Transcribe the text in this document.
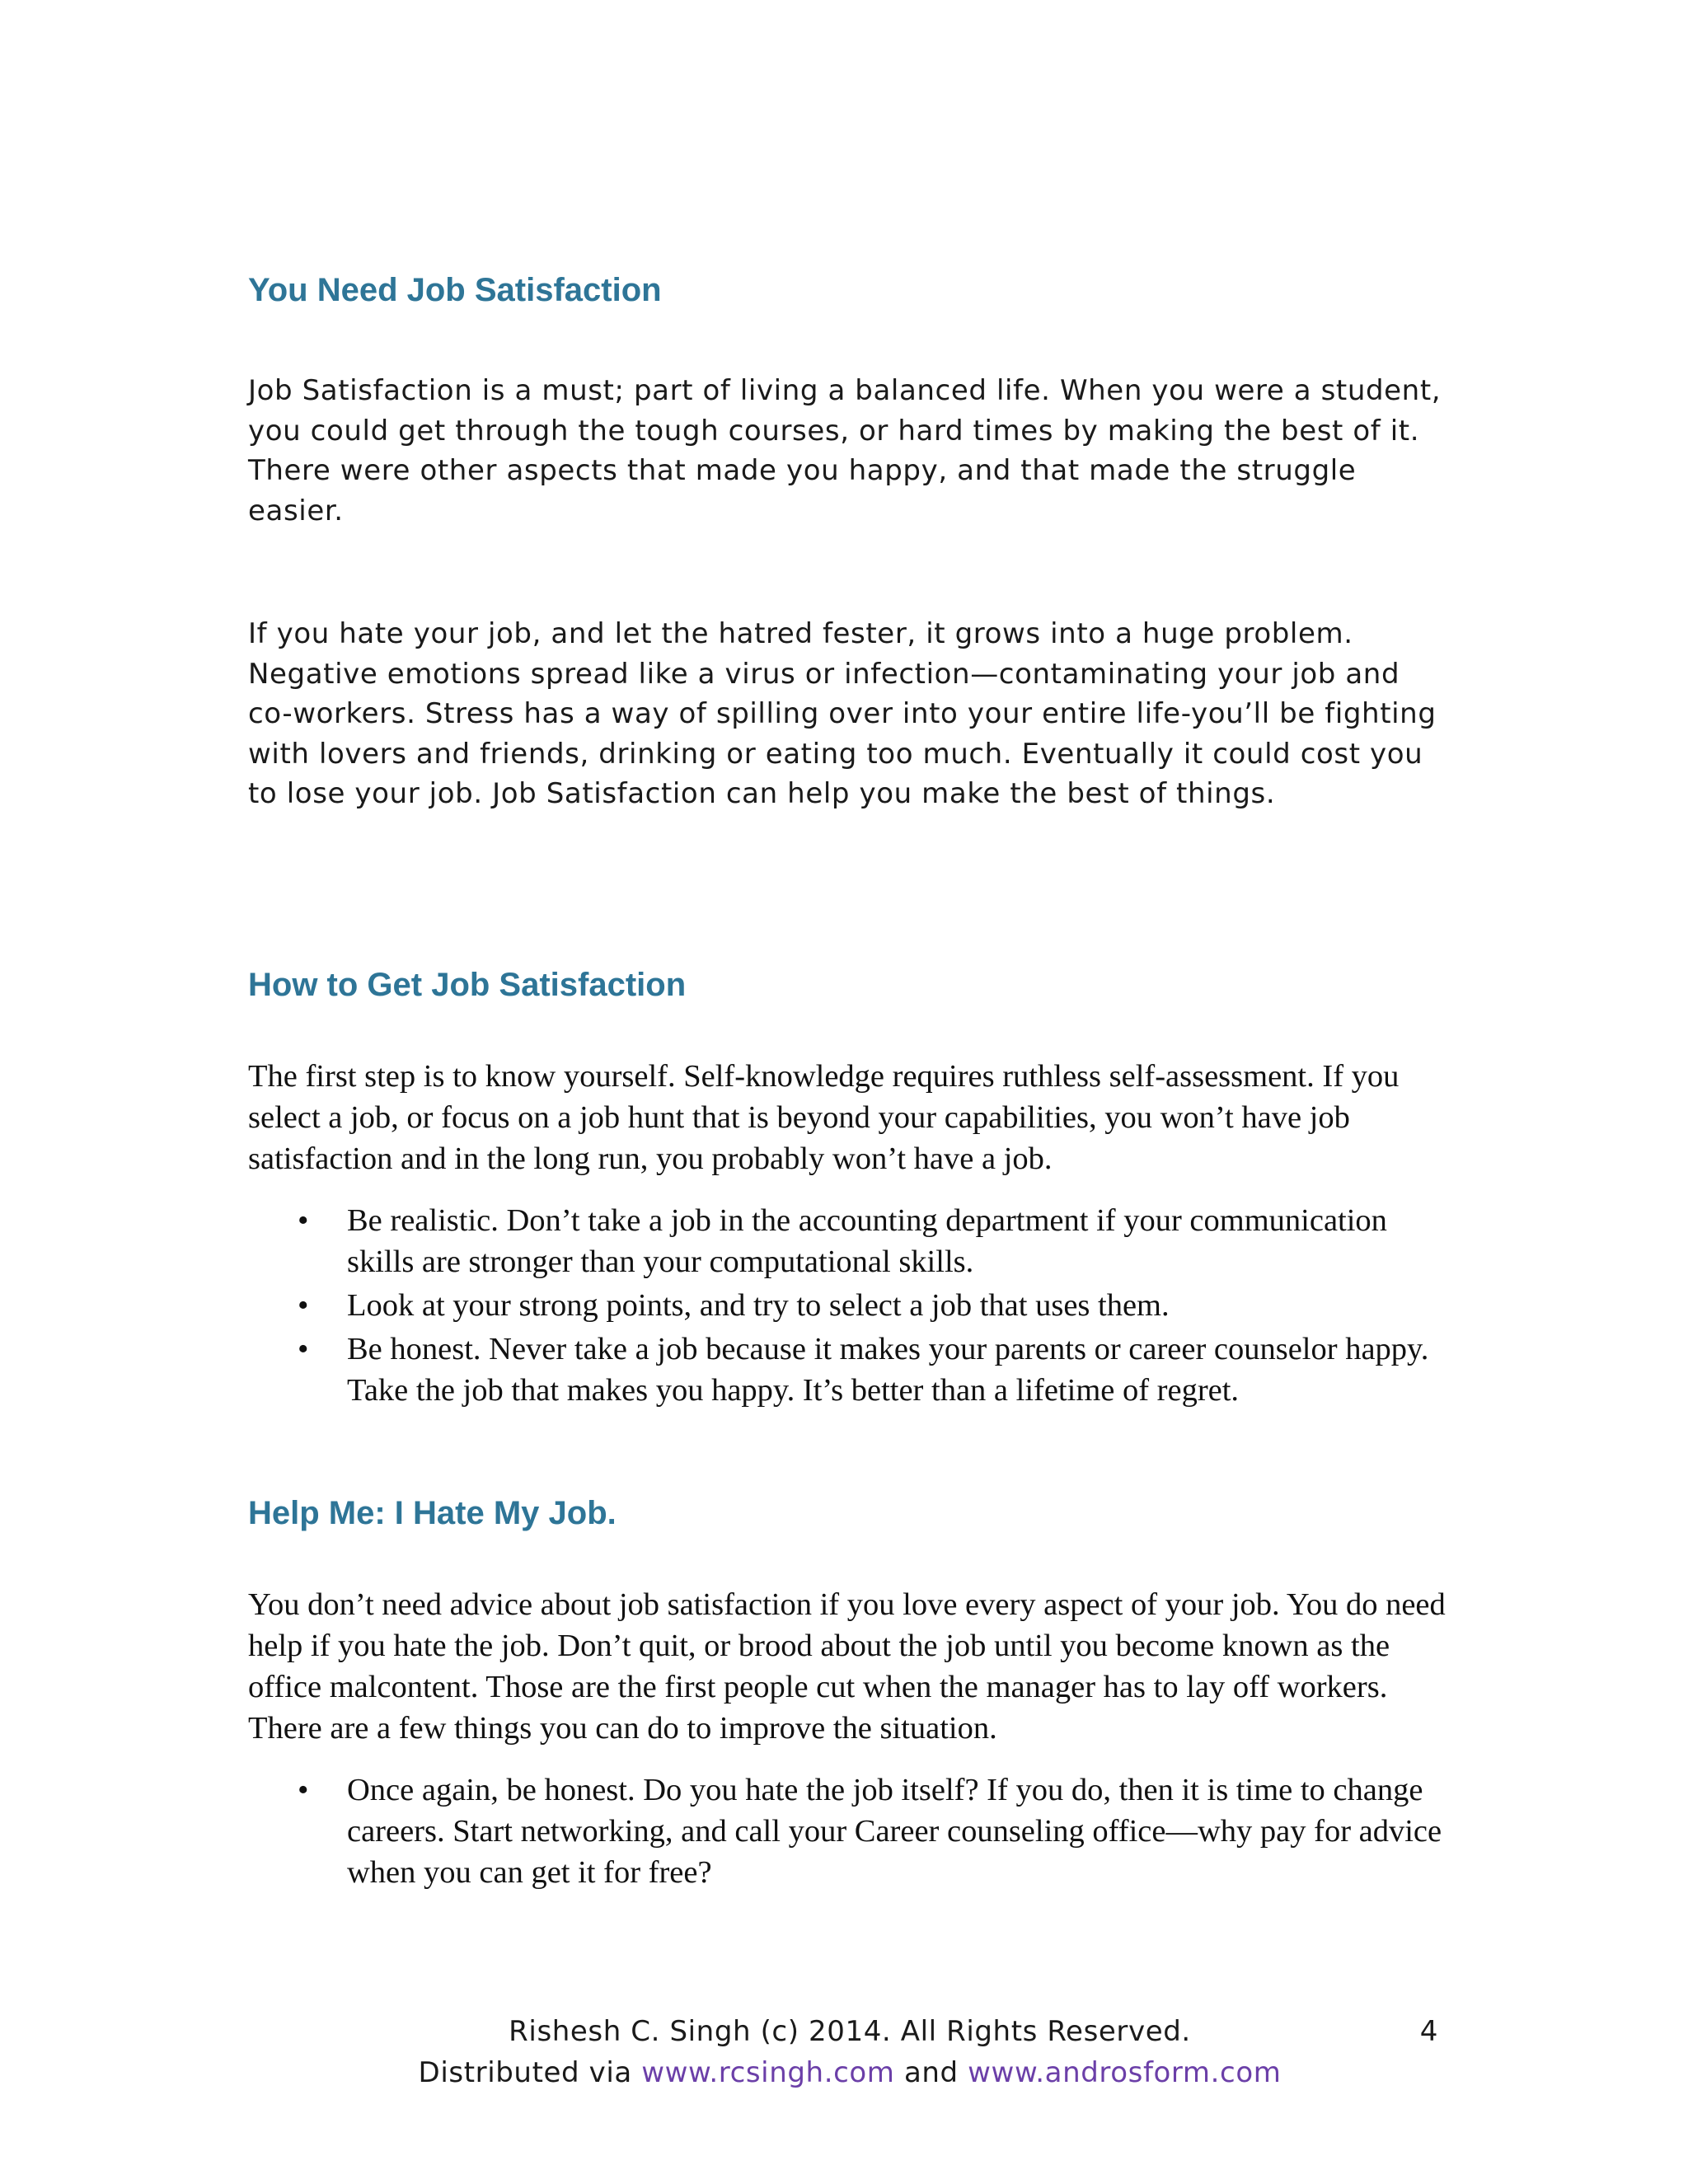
You Need Job Satisfaction

Job Satisfaction is a must; part of living a balanced life. When you were a student, you could get through the tough courses, or hard times by making the best of it. There were other aspects that made you happy, and that made the struggle easier.

If you hate your job, and let the hatred fester, it grows into a huge problem. Negative emotions spread like a virus or infection—contaminating your job and co-workers. Stress has a way of spilling over into your entire life-you’ll be fighting with lovers and friends, drinking or eating too much. Eventually it could cost you to lose your job. Job Satisfaction can help you make the best of things.

How to Get Job Satisfaction

The first step is to know yourself. Self-knowledge requires ruthless self-assessment. If you select a job, or focus on a job hunt that is beyond your capabilities, you won’t have job satisfaction and in the long run, you probably won’t have a job.

• Be realistic. Don’t take a job in the accounting department if your communication skills are stronger than your computational skills.
• Look at your strong points, and try to select a job that uses them.
• Be honest. Never take a job because it makes your parents or career counselor happy. Take the job that makes you happy. It’s better than a lifetime of regret.
Help Me: I Hate My Job.

You don’t need advice about job satisfaction if you love every aspect of your job. You do need help if you hate the job. Don’t quit, or brood about the job until you become known as the office malcontent. Those are the first people cut when the manager has to lay off workers. There are a few things you can do to improve the situation.

• Once again, be honest. Do you hate the job itself? If you do, then it is time to change careers. Start networking, and call your Career counseling office—why pay for advice when you can get it for free?
Rishesh C. Singh (c) 2014. All Rights Reserved.	4
Distributed via www.rcsingh.com and www.androsform.com
